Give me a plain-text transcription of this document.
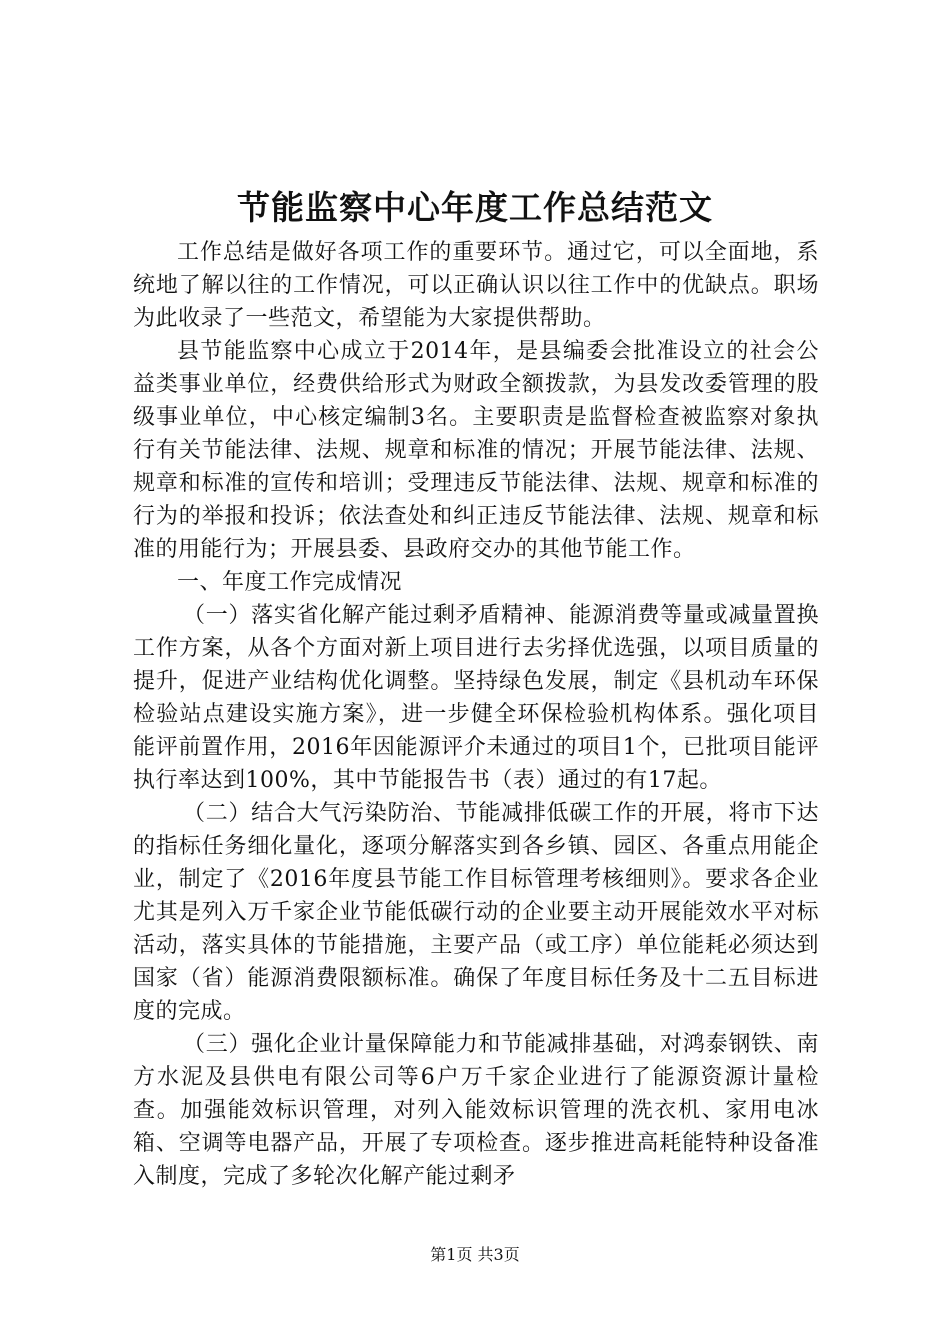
节能监察中心年度工作总结范文

工作总结是做好各项工作的重要环节。通过它，可以全面地，系统地了解以往的工作情况，可以正确认识以往工作中的优缺点。职场为此收录了一些范文，希望能为大家提供帮助。

县节能监察中心成立于2014年，是县编委会批准设立的社会公益类事业单位，经费供给形式为财政全额拨款，为县发改委管理的股级事业单位，中心核定编制3名。主要职责是监督检查被监察对象执行有关节能法律、法规、规章和标准的情况；开展节能法律、法规、规章和标准的宣传和培训；受理违反节能法律、法规、规章和标准的行为的举报和投诉；依法查处和纠正违反节能法律、法规、规章和标准的用能行为；开展县委、县政府交办的其他节能工作。

一、年度工作完成情况

（一）落实省化解产能过剩矛盾精神、能源消费等量或减量置换工作方案，从各个方面对新上项目进行去劣择优选强，以项目质量的提升，促进产业结构优化调整。坚持绿色发展，制定《县机动车环保检验站点建设实施方案》，进一步健全环保检验机构体系。强化项目能评前置作用，2016年因能源评介未通过的项目1个，已批项目能评执行率达到100%，其中节能报告书（表）通过的有17起。

（二）结合大气污染防治、节能减排低碳工作的开展，将市下达的指标任务细化量化，逐项分解落实到各乡镇、园区、各重点用能企业，制定了《2016年度县节能工作目标管理考核细则》。要求各企业尤其是列入万千家企业节能低碳行动的企业要主动开展能效水平对标活动，落实具体的节能措施，主要产品（或工序）单位能耗必须达到国家（省）能源消费限额标准。确保了年度目标任务及十二五目标进度的完成。

（三）强化企业计量保障能力和节能减排基础，对鸿泰钢铁、南方水泥及县供电有限公司等6户万千家企业进行了能源资源计量检查。加强能效标识管理，对列入能效标识管理的洗衣机、家用电冰箱、空调等电器产品，开展了专项检查。逐步推进高耗能特种设备准入制度，完成了多轮次化解产能过剩矛

第1页 共3页
